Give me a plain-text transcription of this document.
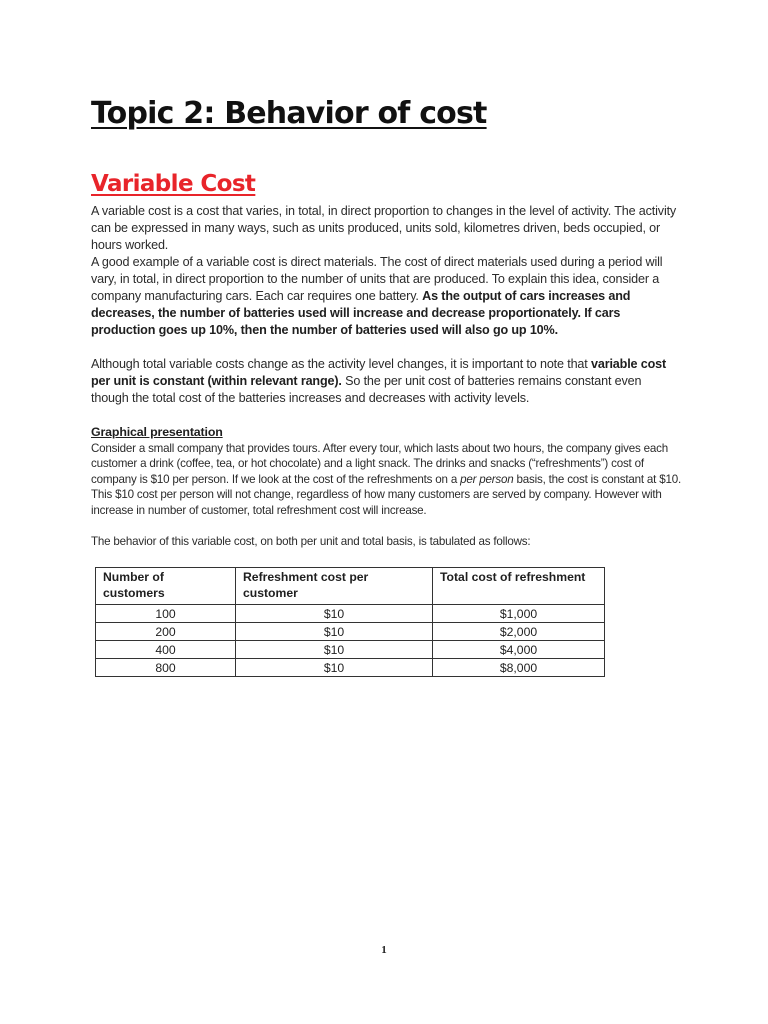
Topic 2: Behavior of cost
Variable Cost

A variable cost is a cost that varies, in total, in direct proportion to changes in the level of activity. The activity can be expressed in many ways, such as units produced, units sold, kilometres driven, beds occupied, or hours worked.

A good example of a variable cost is direct materials. The cost of direct materials used during a period will vary, in total, in direct proportion to the number of units that are produced. To explain this idea, consider a company manufacturing cars. Each car requires one battery. As the output of cars increases and decreases, the number of batteries used will increase and decrease proportionately. If cars production goes up 10%, then the number of batteries used will also go up 10%.

Although total variable costs change as the activity level changes, it is important to note that variable cost per unit is constant (within relevant range). So the per unit cost of batteries remains constant even though the total cost of the batteries increases and decreases with activity levels.

Graphical presentation

Consider a small company that provides tours. After every tour, which lasts about two hours, the company gives each customer a drink (coffee, tea, or hot chocolate) and a light snack. The drinks and snacks (“refreshments”) cost of company is $10 per person. If we look at the cost of the refreshments on a per person basis, the cost is constant at $10. This $10 cost per person will not change, regardless of how many customers are served by company. However with increase in number of customer, total refreshment cost will increase.

The behavior of this variable cost, on both per unit and total basis, is tabulated as follows:

Number of customers	Refreshment cost per customer	Total cost of refreshment
100	$10	$1,000
200	$10	$2,000
400	$10	$4,000
800	$10	$8,000
1
